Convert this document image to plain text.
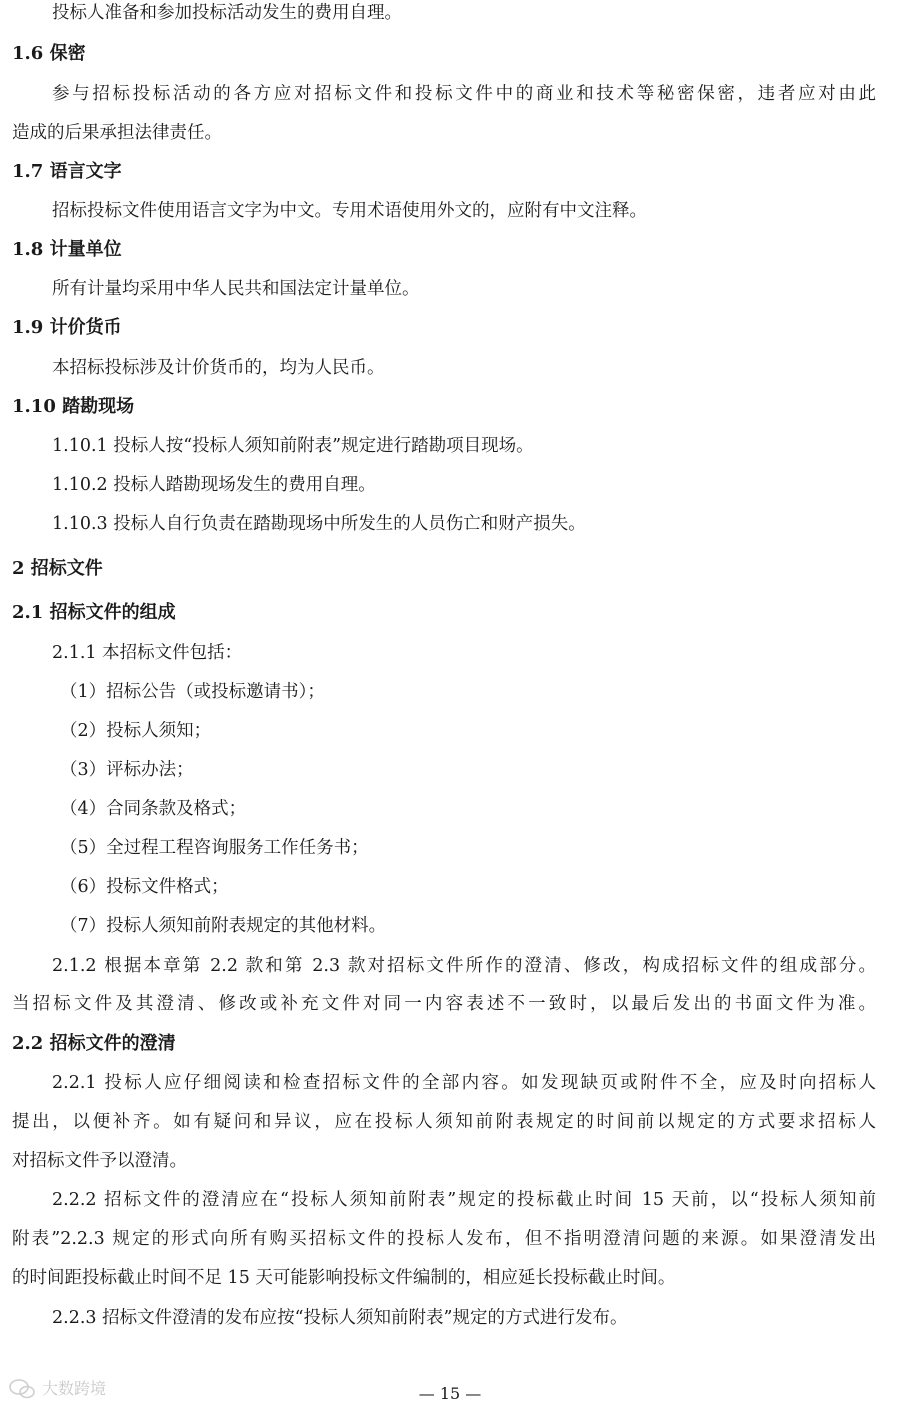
投标人准备和参加投标活动发生的费用自理。
1.6 保密
参与招标投标活动的各方应对招标文件和投标文件中的商业和技术等秘密保密，违者应对由此
造成的后果承担法律责任。
1.7 语言文字
招标投标文件使用语言文字为中文。专用术语使用外文的，应附有中文注释。
1.8 计量单位
所有计量均采用中华人民共和国法定计量单位。
1.9 计价货币
本招标投标涉及计价货币的，均为人民币。
1.10 踏勘现场
1.10.1 投标人按“投标人须知前附表”规定进行踏勘项目现场。
1.10.2 投标人踏勘现场发生的费用自理。
1.10.3 投标人自行负责在踏勘现场中所发生的人员伤亡和财产损失。
2 招标文件
2.1 招标文件的组成
2.1.1 本招标文件包括：
（1）招标公告（或投标邀请书）；
（2）投标人须知；
（3）评标办法；
（4）合同条款及格式；
（5）全过程工程咨询服务工作任务书；
（6）投标文件格式；
（7）投标人须知前附表规定的其他材料。
2.1.2 根据本章第 2.2 款和第 2.3 款对招标文件所作的澄清、修改，构成招标文件的组成部分。
当招标文件及其澄清、修改或补充文件对同一内容表述不一致时，以最后发出的书面文件为准。
2.2 招标文件的澄清
2.2.1 投标人应仔细阅读和检查招标文件的全部内容。如发现缺页或附件不全，应及时向招标人
提出，以便补齐。如有疑问和异议，应在投标人须知前附表规定的时间前以规定的方式要求招标人
对招标文件予以澄清。
2.2.2 招标文件的澄清应在“投标人须知前附表”规定的投标截止时间 15 天前，以“投标人须知前
附表”2.2.3 规定的形式向所有购买招标文件的投标人发布，但不指明澄清问题的来源。如果澄清发出
的时间距投标截止时间不足 15 天可能影响投标文件编制的，相应延长投标截止时间。
2.2.3 招标文件澄清的发布应按“投标人须知前附表”规定的方式进行发布。
大数跨境	— 15 —
